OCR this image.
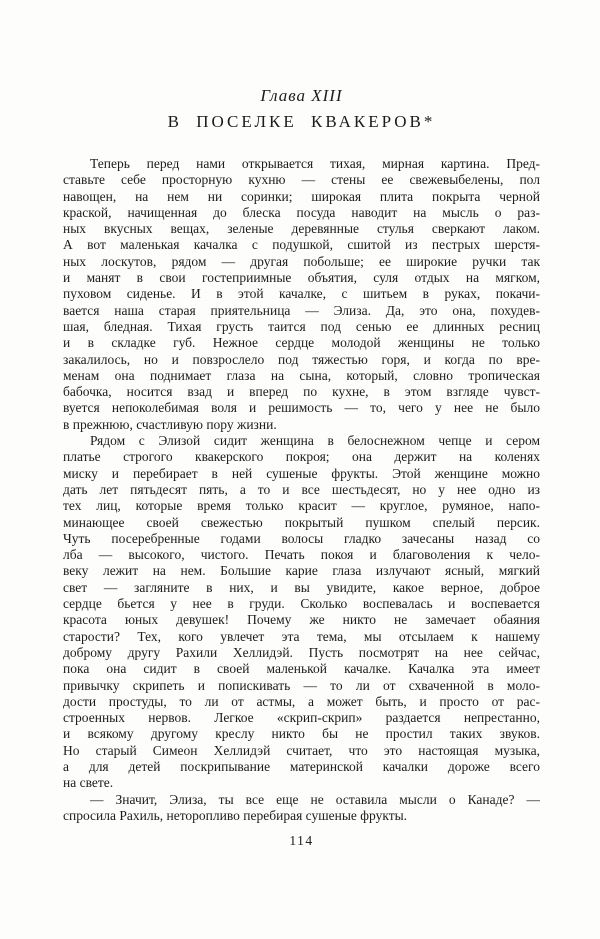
Глава XIII
В ПОСЕЛКЕ КВАКЕРОВ*
Теперь перед нами открывается тихая, мирная картина. Пред-
ставьте себе просторную кухню — стены ее свежевыбелены, пол
навощен, на нем ни соринки; широкая плита покрыта черной
краской, начищенная до блеска посуда наводит на мысль о раз-
ных вкусных вещах, зеленые деревянные стулья сверкают лаком.
А вот маленькая качалка с подушкой, сшитой из пестрых шерстя-
ных лоскутов, рядом — другая побольше; ее широкие ручки так
и манят в свои гостеприимные объятия, суля отдых на мягком,
пуховом сиденье. И в этой качалке, с шитьем в руках, покачи-
вается наша старая приятельница — Элиза. Да, это она, похудев-
шая, бледная. Тихая грусть таится под сенью ее длинных ресниц
и в складке губ. Нежное сердце молодой женщины не только
закалилось, но и повзрослело под тяжестью горя, и когда по вре-
менам она поднимает глаза на сына, который, словно тропическая
бабочка, носится взад и вперед по кухне, в этом взгляде чувст-
вуется непоколебимая воля и решимость — то, чего у нее не было
в прежнюю, счастливую пору жизни.
Рядом с Элизой сидит женщина в белоснежном чепце и сером
платье строгого квакерского покроя; она держит на коленях
миску и перебирает в ней сушеные фрукты. Этой женщине можно
дать лет пятьдесят пять, а то и все шестьдесят, но у нее одно из
тех лиц, которые время только красит — круглое, румяное, напо-
минающее своей свежестью покрытый пушком спелый персик.
Чуть посеребренные годами волосы гладко зачесаны назад со
лба — высокого, чистого. Печать покоя и благоволения к чело-
веку лежит на нем. Большие карие глаза излучают ясный, мягкий
свет — загляните в них, и вы увидите, какое верное, доброе
сердце бьется у нее в груди. Сколько воспевалась и воспевается
красота юных девушек! Почему же никто не замечает обаяния
старости? Тех, кого увлечет эта тема, мы отсылаем к нашему
доброму другу Рахили Хеллидэй. Пусть посмотрят на нее сейчас,
пока она сидит в своей маленькой качалке. Качалка эта имеет
привычку скрипеть и попискивать — то ли от схваченной в моло-
дости простуды, то ли от астмы, а может быть, и просто от рас-
строенных нервов. Легкое «скрип-скрип» раздается непрестанно,
и всякому другому креслу никто бы не простил таких звуков.
Но старый Симеон Хеллидэй считает, что это настоящая музыка,
а для детей поскрипывание материнской качалки дороже всего
на свете.
— Значит, Элиза, ты все еще не оставила мысли о Канаде? —
спросила Рахиль, неторопливо перебирая сушеные фрукты.
114
